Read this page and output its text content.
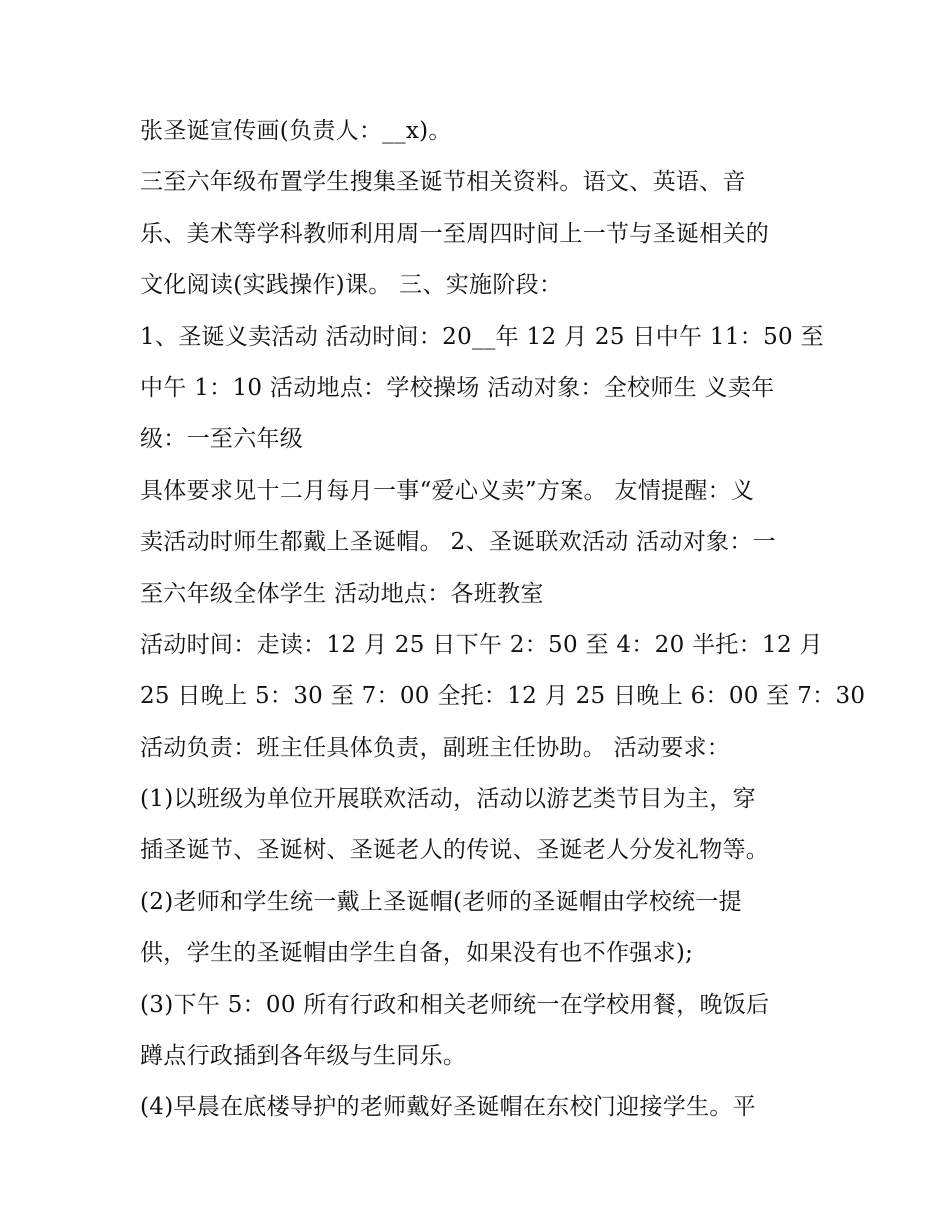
张圣诞宣传画(负责人：__x)。
三至六年级布置学生搜集圣诞节相关资料。语文、英语、音
乐、美术等学科教师利用周一至周四时间上一节与圣诞相关的
文化阅读(实践操作)课。 三、实施阶段：
1、圣诞义卖活动 活动时间：20__年 12 月 25 日中午 11：50 至
中午 1：10 活动地点：学校操场 活动对象：全校师生 义卖年
级：一至六年级
具体要求见十二月每月一事“爱心义卖”方案。 友情提醒：义
卖活动时师生都戴上圣诞帽。 2、圣诞联欢活动 活动对象：一
至六年级全体学生 活动地点：各班教室
活动时间：走读：12 月 25 日下午 2：50 至 4：20 半托：12 月
25 日晚上 5：30 至 7：00 全托：12 月 25 日晚上 6：00 至 7：30
活动负责：班主任具体负责，副班主任协助。 活动要求：
(1)以班级为单位开展联欢活动，活动以游艺类节目为主，穿
插圣诞节、圣诞树、圣诞老人的传说、圣诞老人分发礼物等。
(2)老师和学生统一戴上圣诞帽(老师的圣诞帽由学校统一提
供，学生的圣诞帽由学生自备，如果没有也不作强求);
(3)下午 5：00 所有行政和相关老师统一在学校用餐，晚饭后
蹲点行政插到各年级与生同乐。
(4)早晨在底楼导护的老师戴好圣诞帽在东校门迎接学生。平
